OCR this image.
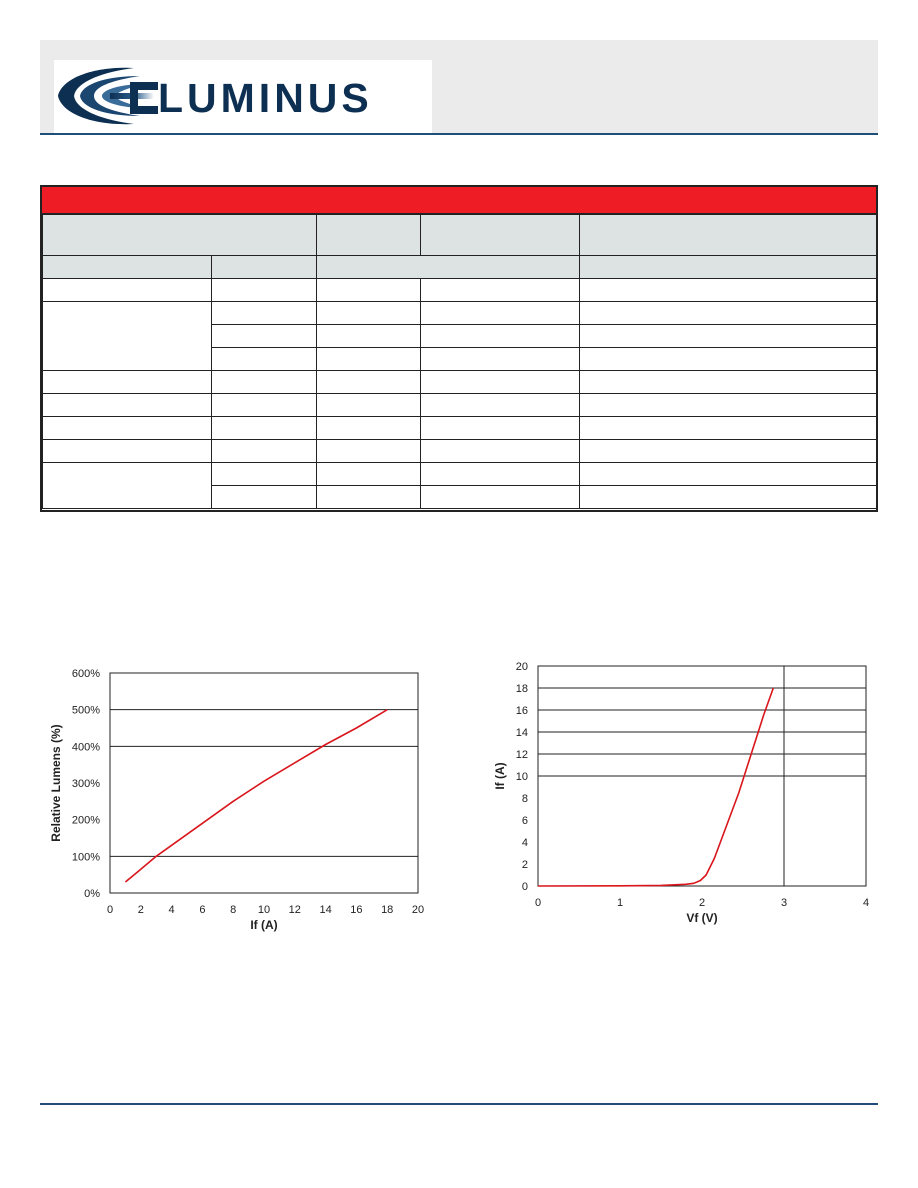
LUMINUS

0 2 4 6 8 10 12 14 16 18 20
0%
100%
200%
300%
400%
500%
600%
If (A)
Relative Lumens (%)
0	1	2	3	4
0
2
4
6
8
10
12
14
16
18
20
Vf (V)
If (A)
